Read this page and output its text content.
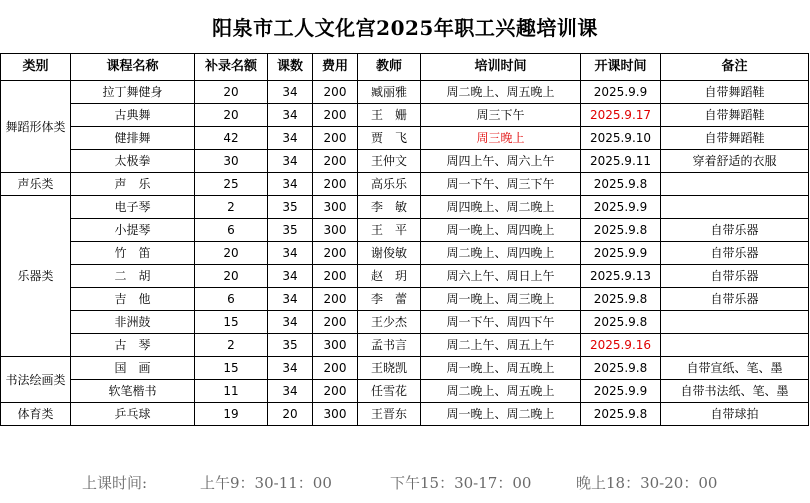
阳泉市工人文化宫2025年职工兴趣培训课
类别	课程名称	补录名额	课数	费用	教师	培训时间	开课时间	备注
舞蹈形体类	拉丁舞健身	20	34	200	臧丽雅	周二晚上、周五晚上	2025.9.9	自带舞蹈鞋
	古典舞	20	34	200	王　姗	周三下午	2025.9.17	自带舞蹈鞋
	健排舞	42	34	200	贾　飞	周三晚上	2025.9.10	自带舞蹈鞋
	太极拳	30	34	200	王仲文	周四上午、周六上午	2025.9.11	穿着舒适的衣服
声乐类	声　乐	25	34	200	高乐乐	周一下午、周三下午	2025.9.8	
乐器类	电子琴	2	35	300	李　敏	周四晚上、周二晚上	2025.9.9	
	小提琴	6	35	300	王　平	周一晚上、周四晚上	2025.9.8	自带乐器
	竹　笛	20	34	200	谢俊敏	周二晚上、周四晚上	2025.9.9	自带乐器
	二　胡	20	34	200	赵　玥	周六上午、周日上午	2025.9.13	自带乐器
	吉　他	6	34	200	李　蕾	周一晚上、周三晚上	2025.9.8	自带乐器
	非洲鼓	15	34	200	王少杰	周一下午、周四下午	2025.9.8	
	古　琴	2	35	300	孟书言	周二上午、周五上午	2025.9.16	
书法绘画类	国　画	15	34	200	王晓凯	周一晚上、周五晚上	2025.9.8	自带宣纸、笔、墨
	软笔楷书	11	34	200	任雪花	周二晚上、周五晚上	2025.9.9	自带书法纸、笔、墨
体育类	乒乓球	19	20	300	王晋东	周一晚上、周二晚上	2025.9.8	自带球拍
上课时间:	上午9：30-11：00	下午15：30-17：00	晚上18：30-20：00
